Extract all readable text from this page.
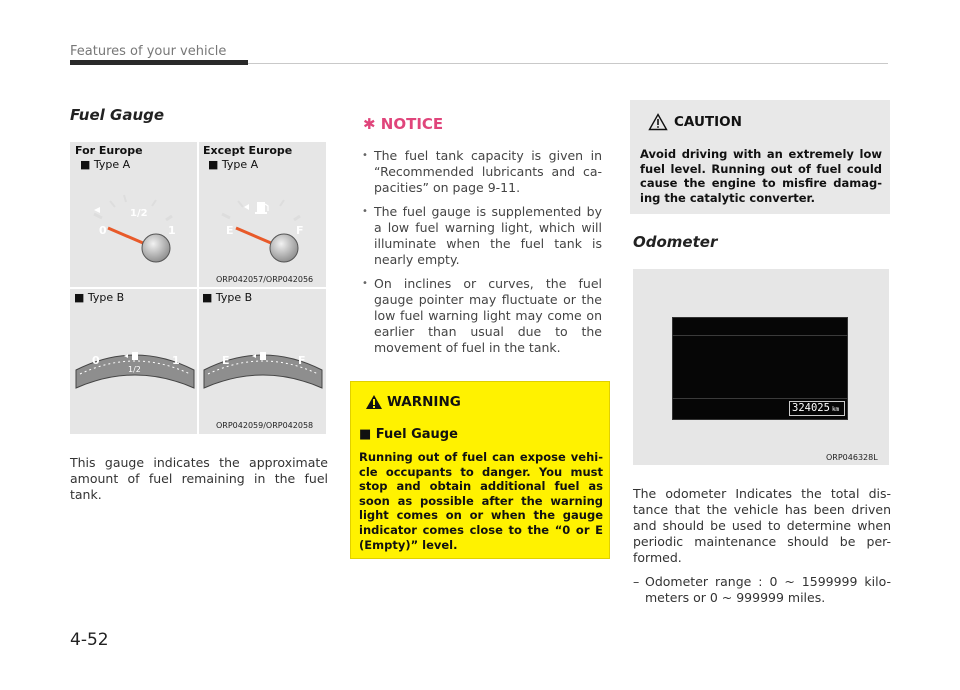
Features of your vehicle
Fuel Gauge
For Europe
■ Type A
Except Europe
■ Type A
0
1/2
1	E	F
ORP042057/ORP042056
■ Type B	■ Type B
0
1/2
1	E	F
ORP042059/ORP042058
This gauge indicates the approximate amount of fuel remaining in the fuel tank.
✱ NOTICE
• The fuel tank capacity is given in “Recommended lubricants and ca-pacities” on page 9-11.
• The fuel gauge is supplemented by a low fuel warning light, which will illuminate when the fuel tank is nearly empty.
• On inclines or curves, the fuel gauge pointer may fluctuate or the low fuel warning light may come on earlier than usual due to the movement of fuel in the tank.
WARNING
■ Fuel Gauge
Running out of fuel can expose vehi-cle occupants to danger. You must stop and obtain additional fuel as soon as possible after the warning light comes on or when the gauge indicator comes close to the “0 or E (Empty)” level.
CAUTION
Avoid driving with an extremely low fuel level. Running out of fuel could cause the engine to misfire damag-ing the catalytic converter.
Odometer
324025 km
ORP046328L
The odometer Indicates the total dis-tance that the vehicle has been driven and should be used to determine when periodic maintenance should be per-formed.
– Odometer range : 0 ~ 1599999 kilo-meters or 0 ~ 999999 miles.
4-52
